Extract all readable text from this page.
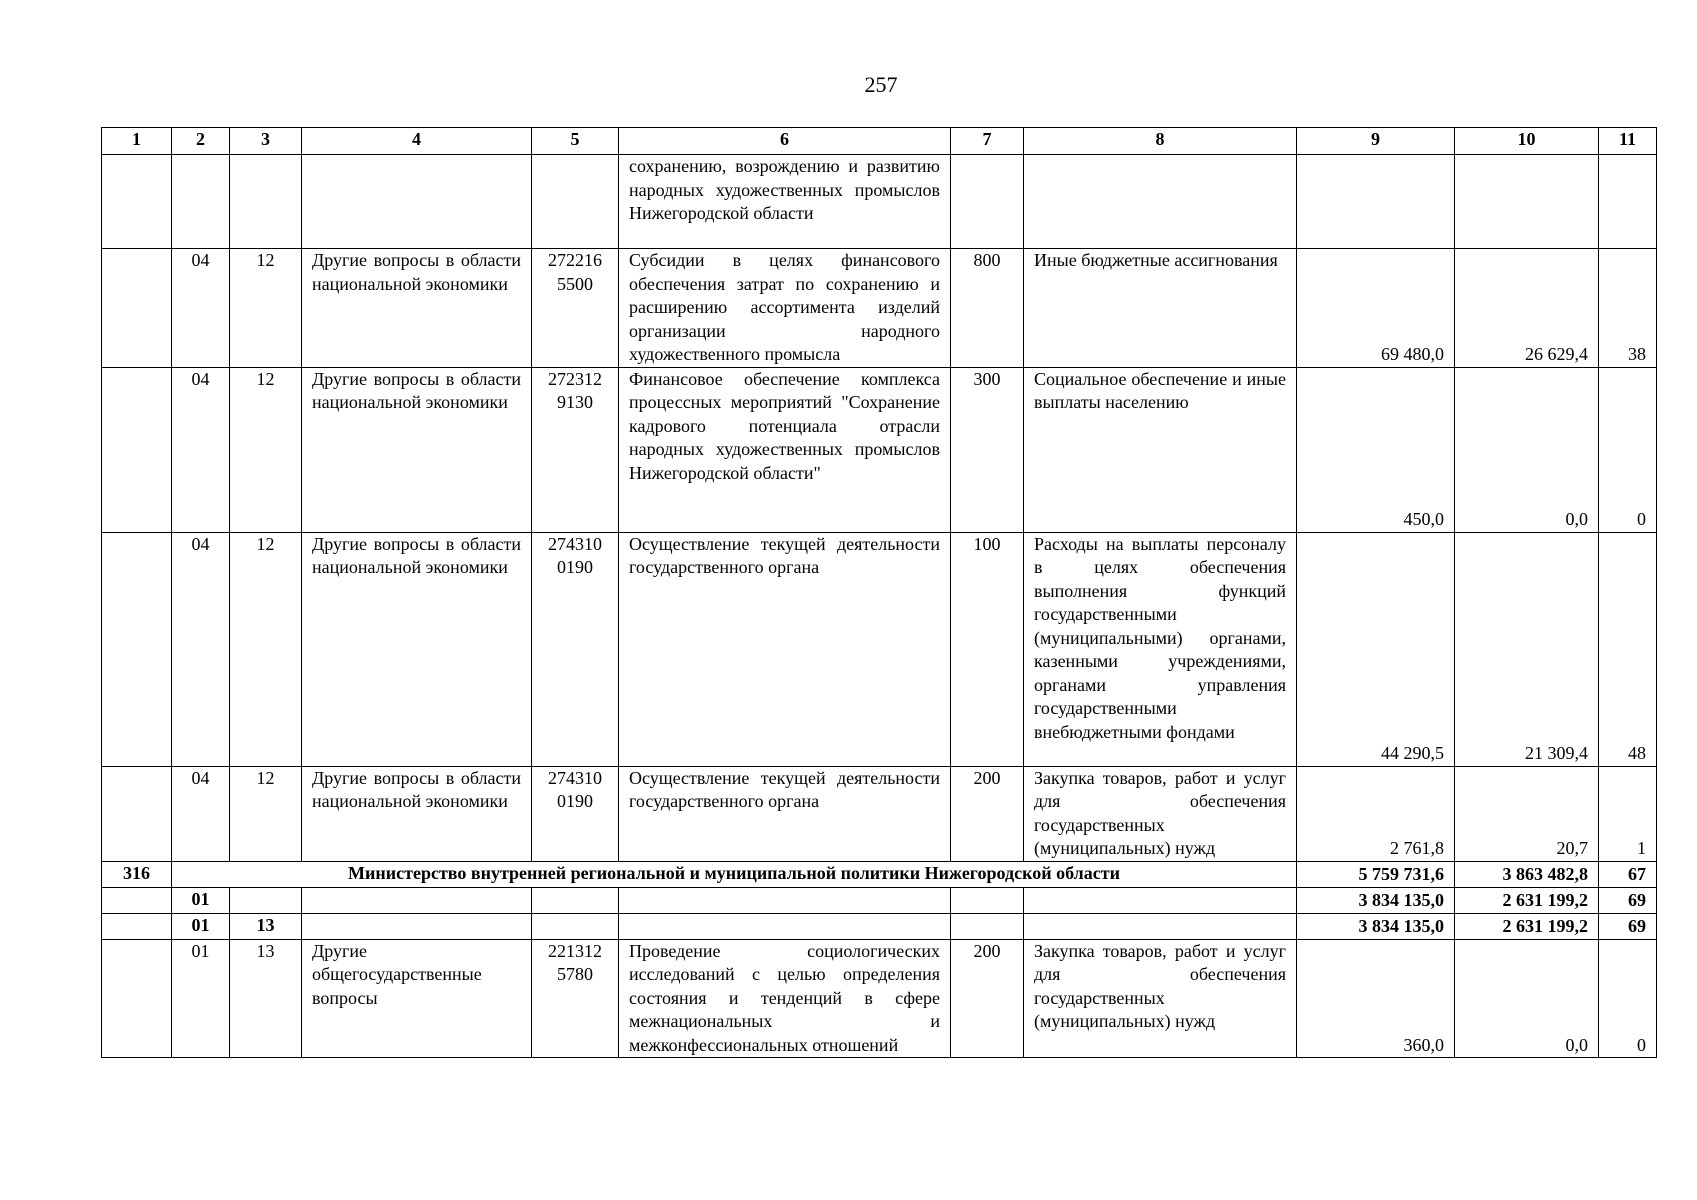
257
1	2	3	4	5	6	7	8	9	10	11
					сохранению, возрождению и развитию народных художественных промыслов Нижегородской области					
	04	12	Другие вопросы в области национальной экономики	272216 5500	Субсидии в целях финансового обеспечения затрат по сохранению и расширению ассортимента изделий организации народного художественного промысла	800	Иные бюджетные ассигнования	69 480,0	26 629,4	38
	04	12	Другие вопросы в области национальной экономики	272312 9130	Финансовое обеспечение комплекса процессных мероприятий "Сохранение кадрового потенциала отрасли народных художественных промыслов Нижегородской области"	300	Социальное обеспечение и иные выплаты населению	450,0	0,0	0
	04	12	Другие вопросы в области национальной экономики	274310 0190	Осуществление текущей деятельности государственного органа	100	Расходы на выплаты персоналу в целях обеспечения выполнения функций государственными (муниципальными) органами, казенными учреждениями, органами управления государственными внебюджетными фондами	44 290,5	21 309,4	48
	04	12	Другие вопросы в области национальной экономики	274310 0190	Осуществление текущей деятельности государственного органа	200	Закупка товаров, работ и услуг для обеспечения государственных (муниципальных) нужд	2 761,8	20,7	1
316	Министерство внутренней региональной и муниципальной политики Нижегородской области							5 759 731,6	3 863 482,8	67
	01							3 834 135,0	2 631 199,2	69
	01	13						3 834 135,0	2 631 199,2	69
	01	13	Другие общегосударственные вопросы	221312 5780	Проведение социологических исследований с целью определения состояния и тенденций в сфере межнациональных и межконфессиональных отношений	200	Закупка товаров, работ и услуг для обеспечения государственных (муниципальных) нужд	360,0	0,0	0
